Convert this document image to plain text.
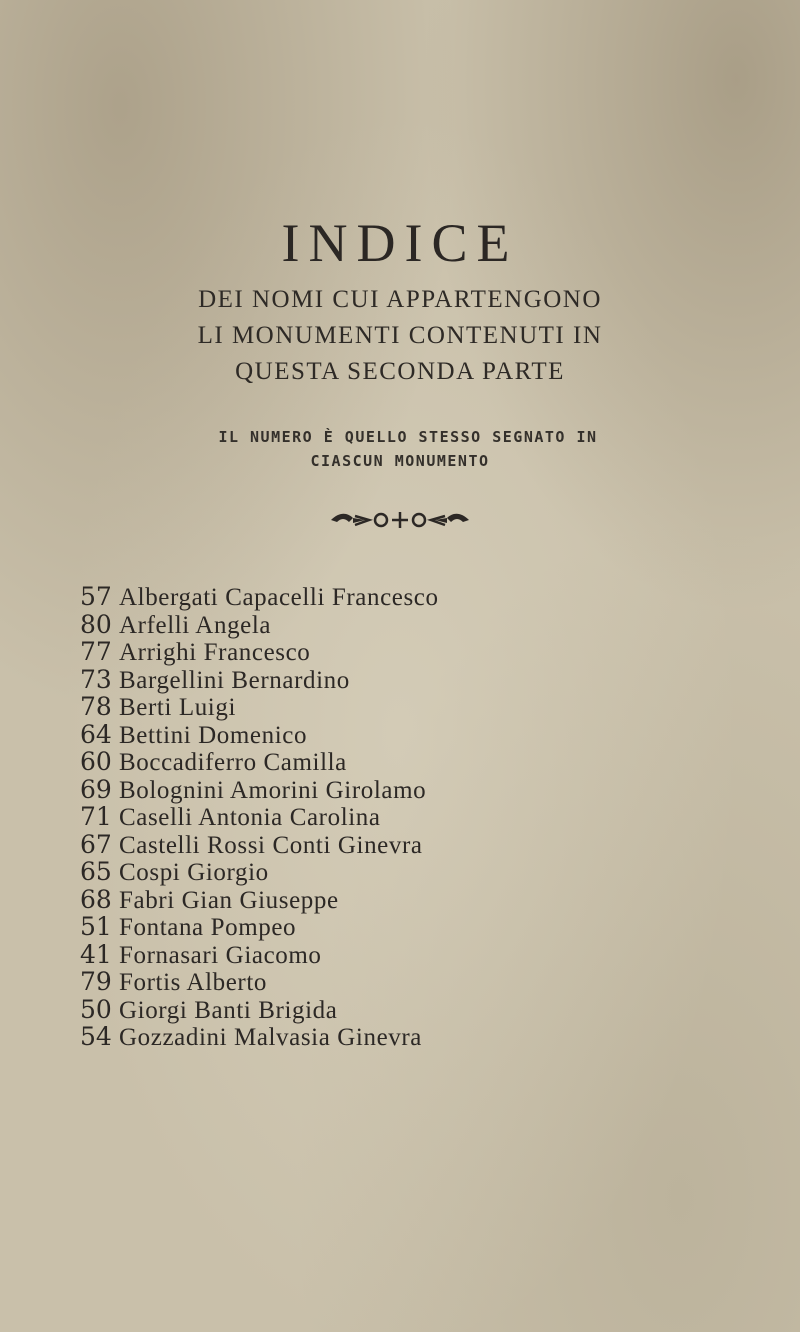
INDICE

DEI NOMI CUI APPARTENGONO

LI MONUMENTI CONTENUTI IN

QUESTA SECONDA PARTE

IL NUMERO È QUELLO STESSO SEGNATO IN

CIASCUN MONUMENTO

57 Albergati Capacelli Francesco
80 Arfelli Angela
77 Arrighi Francesco
73 Bargellini Bernardino
78 Berti Luigi
64 Bettini Domenico
60 Boccadiferro Camilla
69 Bolognini Amorini Girolamo
71 Caselli Antonia Carolina
67 Castelli Rossi Conti Ginevra
65 Cospi Giorgio
68 Fabri Gian Giuseppe
51 Fontana Pompeo
41 Fornasari Giacomo
79 Fortis Alberto
50 Giorgi Banti Brigida
54 Gozzadini Malvasia Ginevra
